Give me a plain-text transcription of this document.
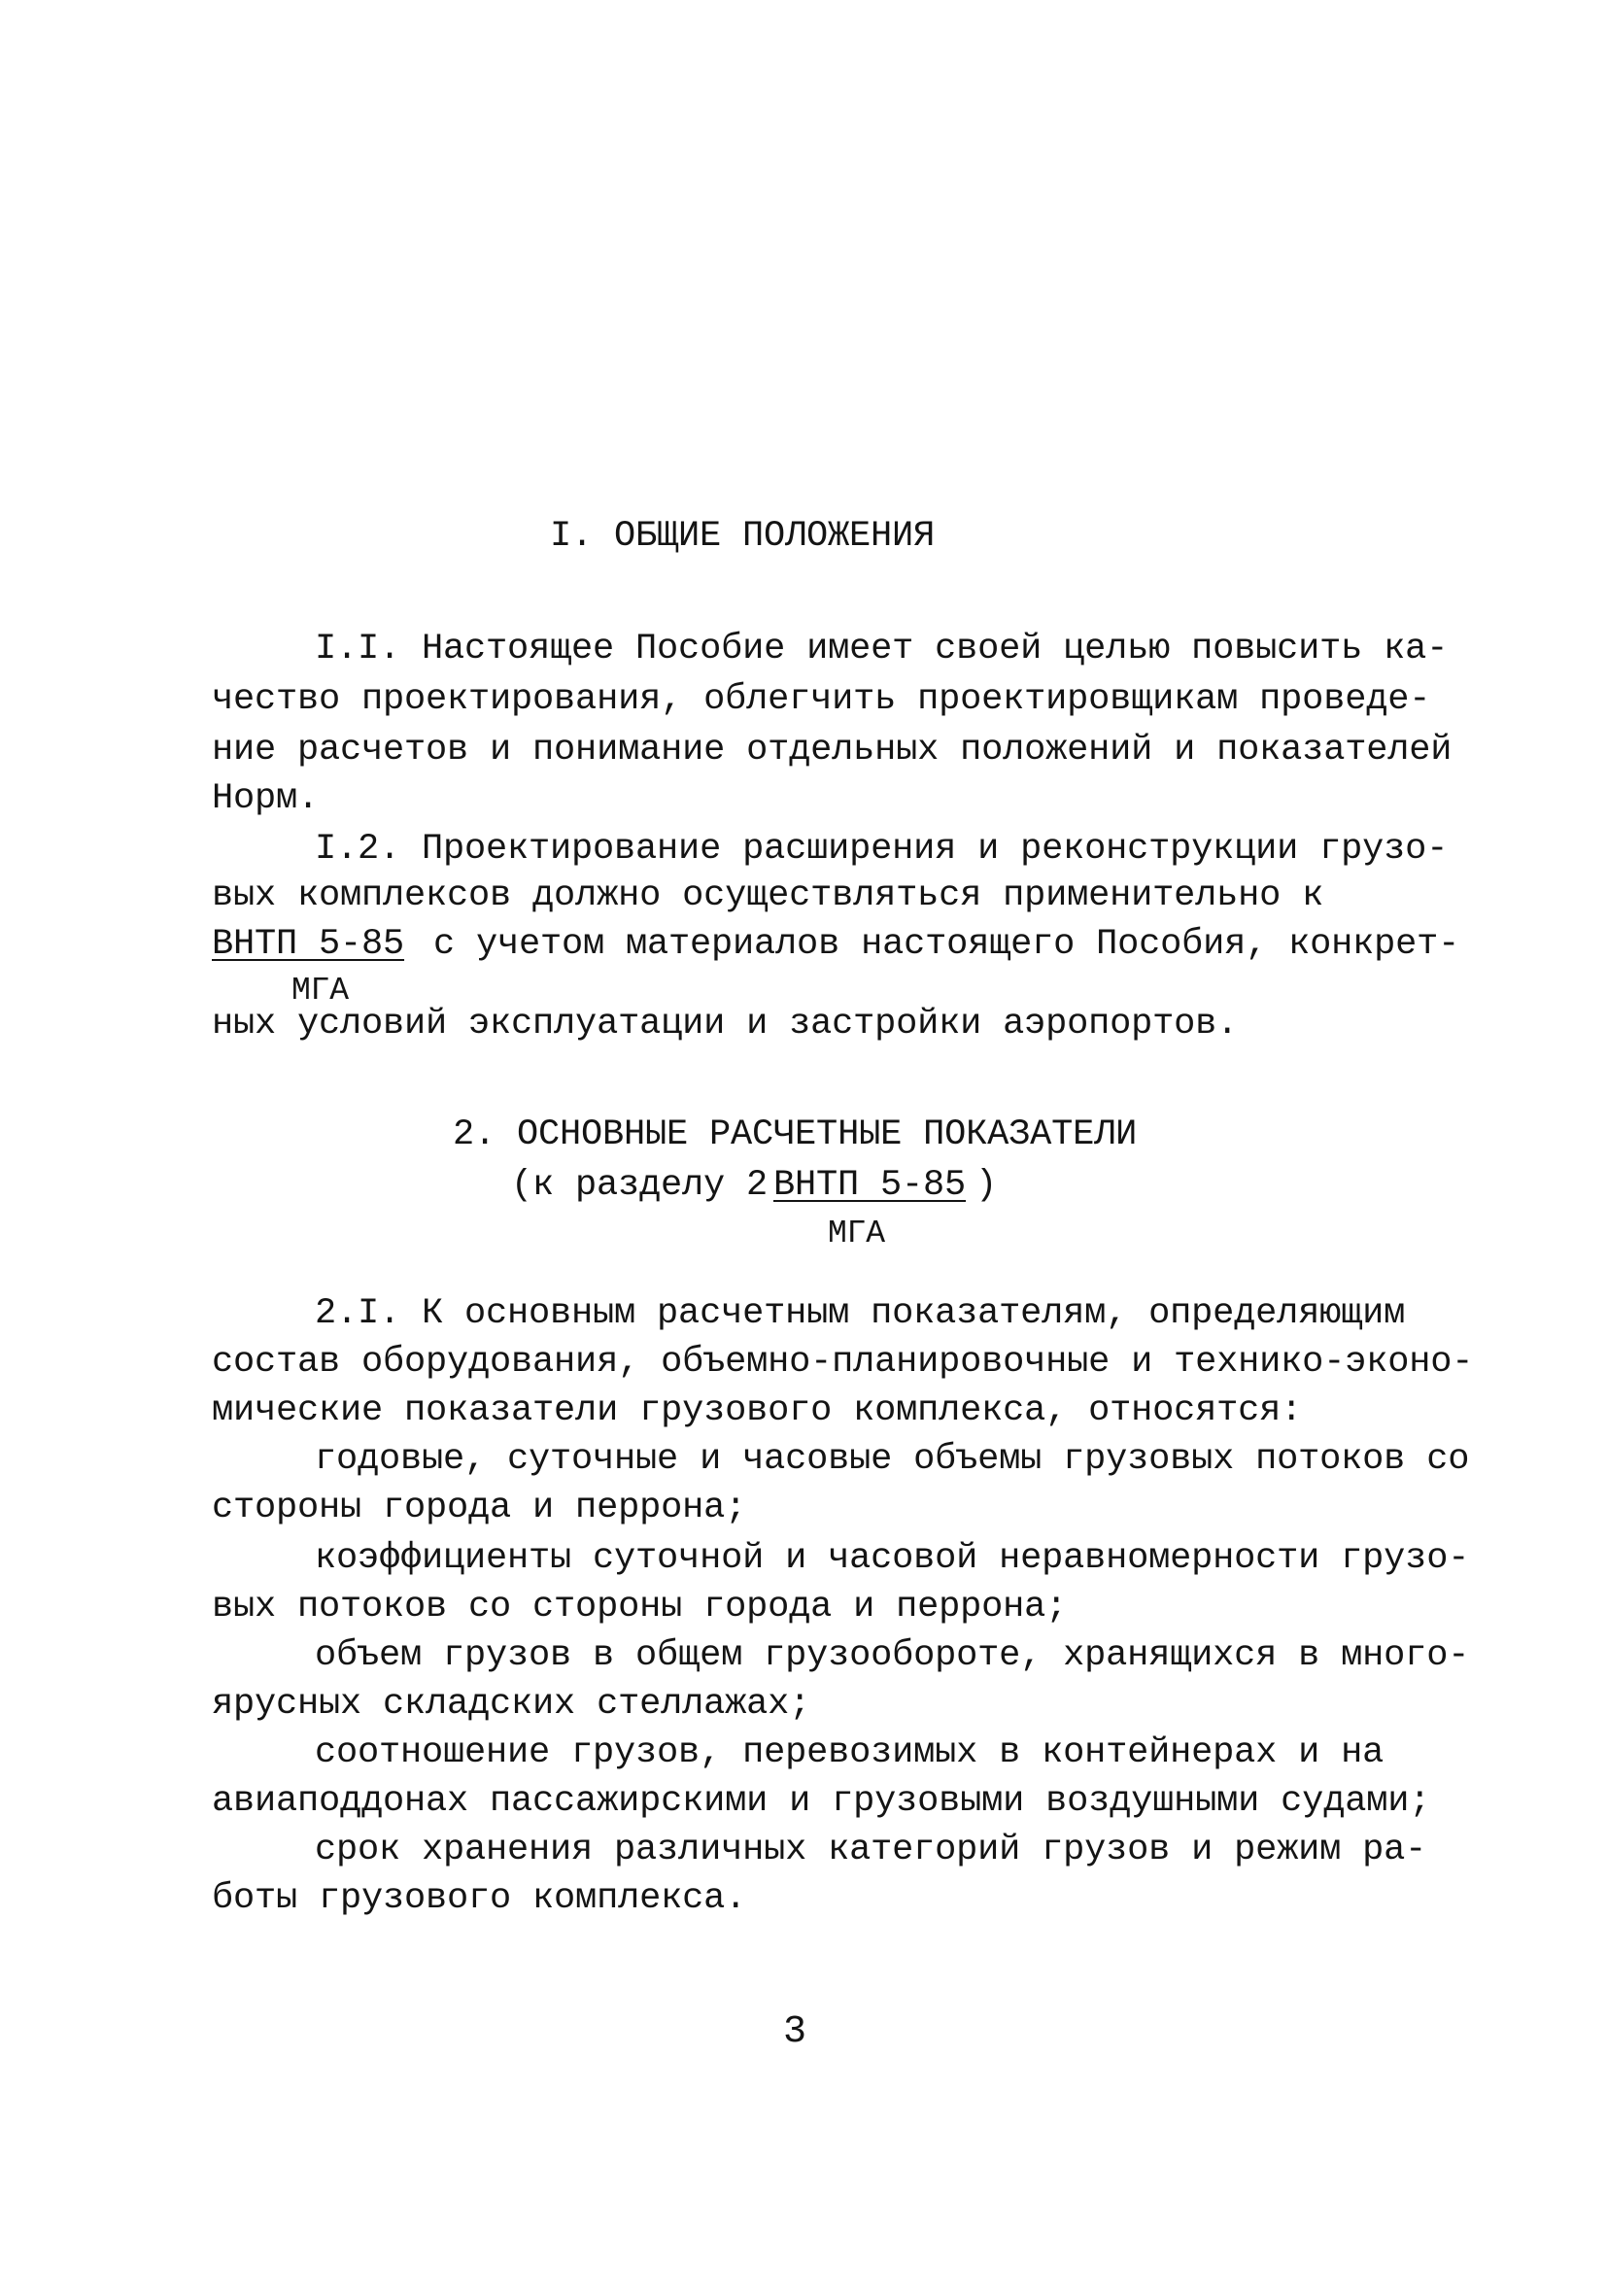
I. ОБЩИЕ ПОЛОЖЕНИЯ
I.I. Настоящее Пособие имеет своей целью повысить ка-
чество проектирования, облегчить проектировщикам проведе-
ние расчетов и понимание отдельных положений и показателей
Норм.
I.2. Проектирование расширения и реконструкции грузо-
вых комплексов должно осуществляться применительно к
ВНТП 5-85 с учетом материалов настоящего Пособия, конкрет-
МГА
ных условий эксплуатации и застройки аэропортов.
2. ОСНОВНЫЕ РАСЧЕТНЫЕ ПОКАЗАТЕЛИ
(к разделу 2 ВНТП 5-85 )
МГА
2.I. К основным расчетным показателям, определяющим
состав оборудования, объемно-планировочные и технико-эконо-
мические показатели грузового комплекса, относятся:
годовые, суточные и часовые объемы грузовых потоков со
стороны города и перрона;
коэффициенты суточной и часовой неравномерности грузо-
вых потоков со стороны города и перрона;
объем грузов в общем грузообороте, хранящихся в много-
ярусных складских стеллажах;
соотношение грузов, перевозимых в контейнерах и на
авиаподдонах пассажирскими и грузовыми воздушными судами;
срок хранения различных категорий грузов и режим ра-
боты грузового комплекса.
3
